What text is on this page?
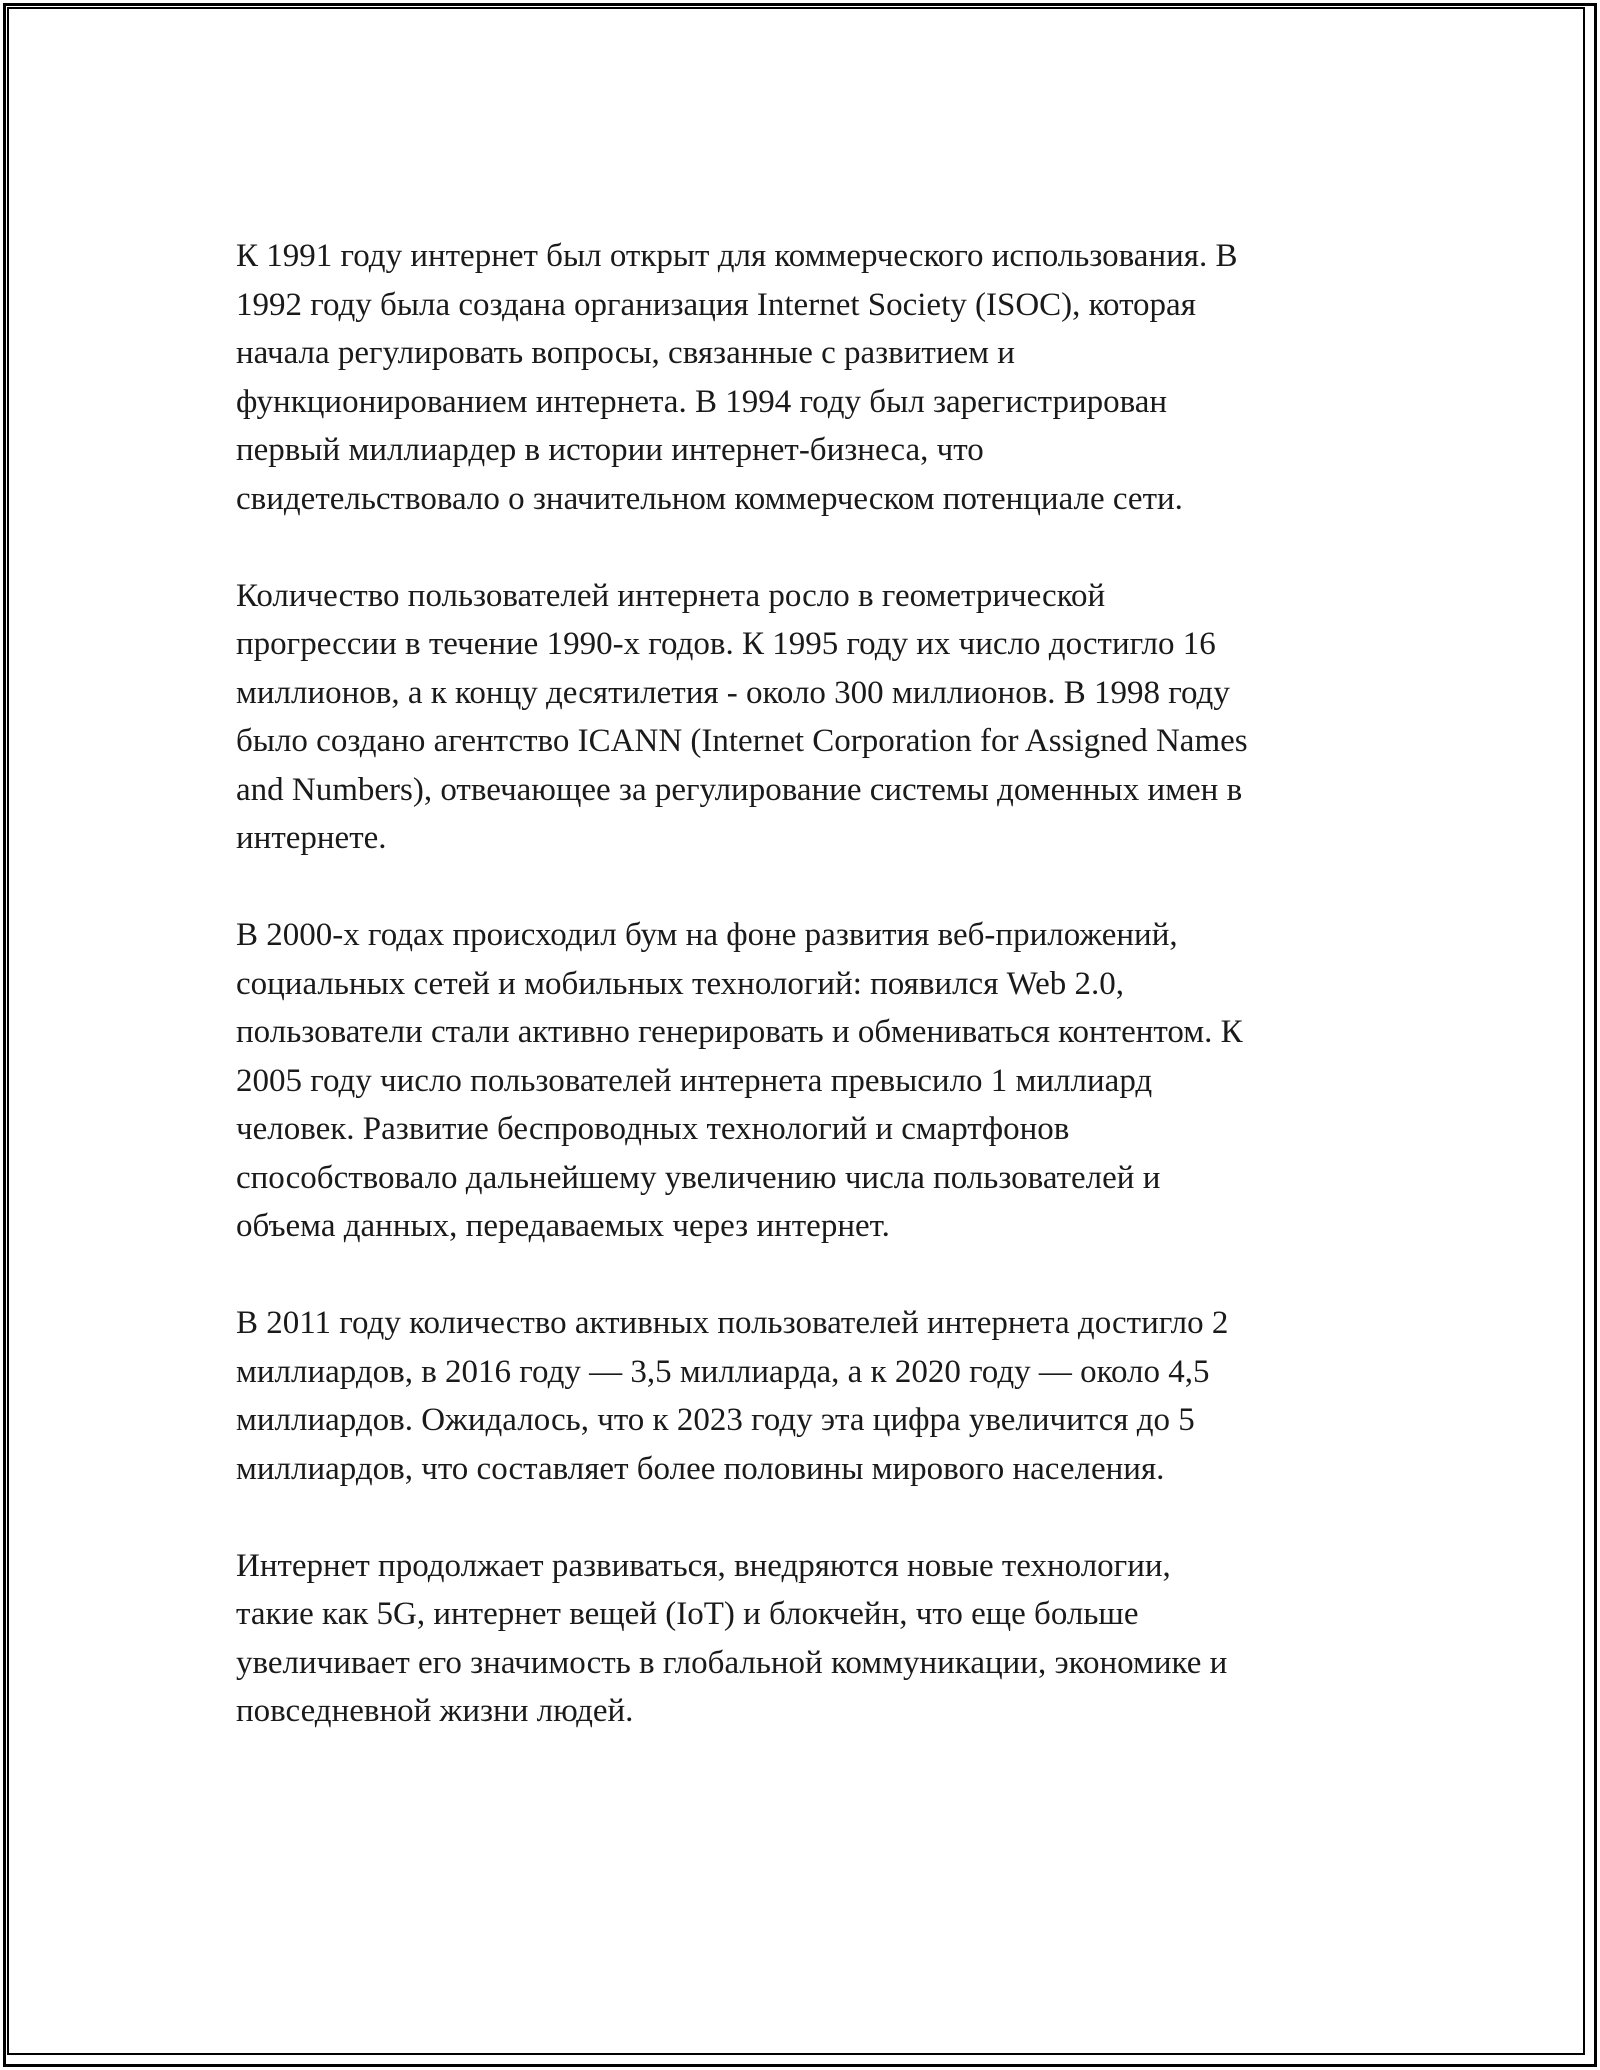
К 1991 году интернет был открыт для коммерческого использования. В
1992 году была создана организация Internet Society (ISOC), которая
начала регулировать вопросы, связанные с развитием и
функционированием интернета. В 1994 году был зарегистрирован
первый миллиардер в истории интернет-бизнеса, что
свидетельствовало о значительном коммерческом потенциале сети.

Количество пользователей интернета росло в геометрической
прогрессии в течение 1990-х годов. К 1995 году их число достигло 16
миллионов, а к концу десятилетия - около 300 миллионов. В 1998 году
было создано агентство ICANN (Internet Corporation for Assigned Names
and Numbers), отвечающее за регулирование системы доменных имен в
интернете.

В 2000-х годах происходил бум на фоне развития веб-приложений,
социальных сетей и мобильных технологий: появился Web 2.0,
пользователи стали активно генерировать и обмениваться контентом. К
2005 году число пользователей интернета превысило 1 миллиард
человек. Развитие беспроводных технологий и смартфонов
способствовало дальнейшему увеличению числа пользователей и
объема данных, передаваемых через интернет.

В 2011 году количество активных пользователей интернета достигло 2
миллиардов, в 2016 году — 3,5 миллиарда, а к 2020 году — около 4,5
миллиардов. Ожидалось, что к 2023 году эта цифра увеличится до 5
миллиардов, что составляет более половины мирового населения.

Интернет продолжает развиваться, внедряются новые технологии,
такие как 5G, интернет вещей (IoT) и блокчейн, что еще больше
увеличивает его значимость в глобальной коммуникации, экономике и
повседневной жизни людей.
